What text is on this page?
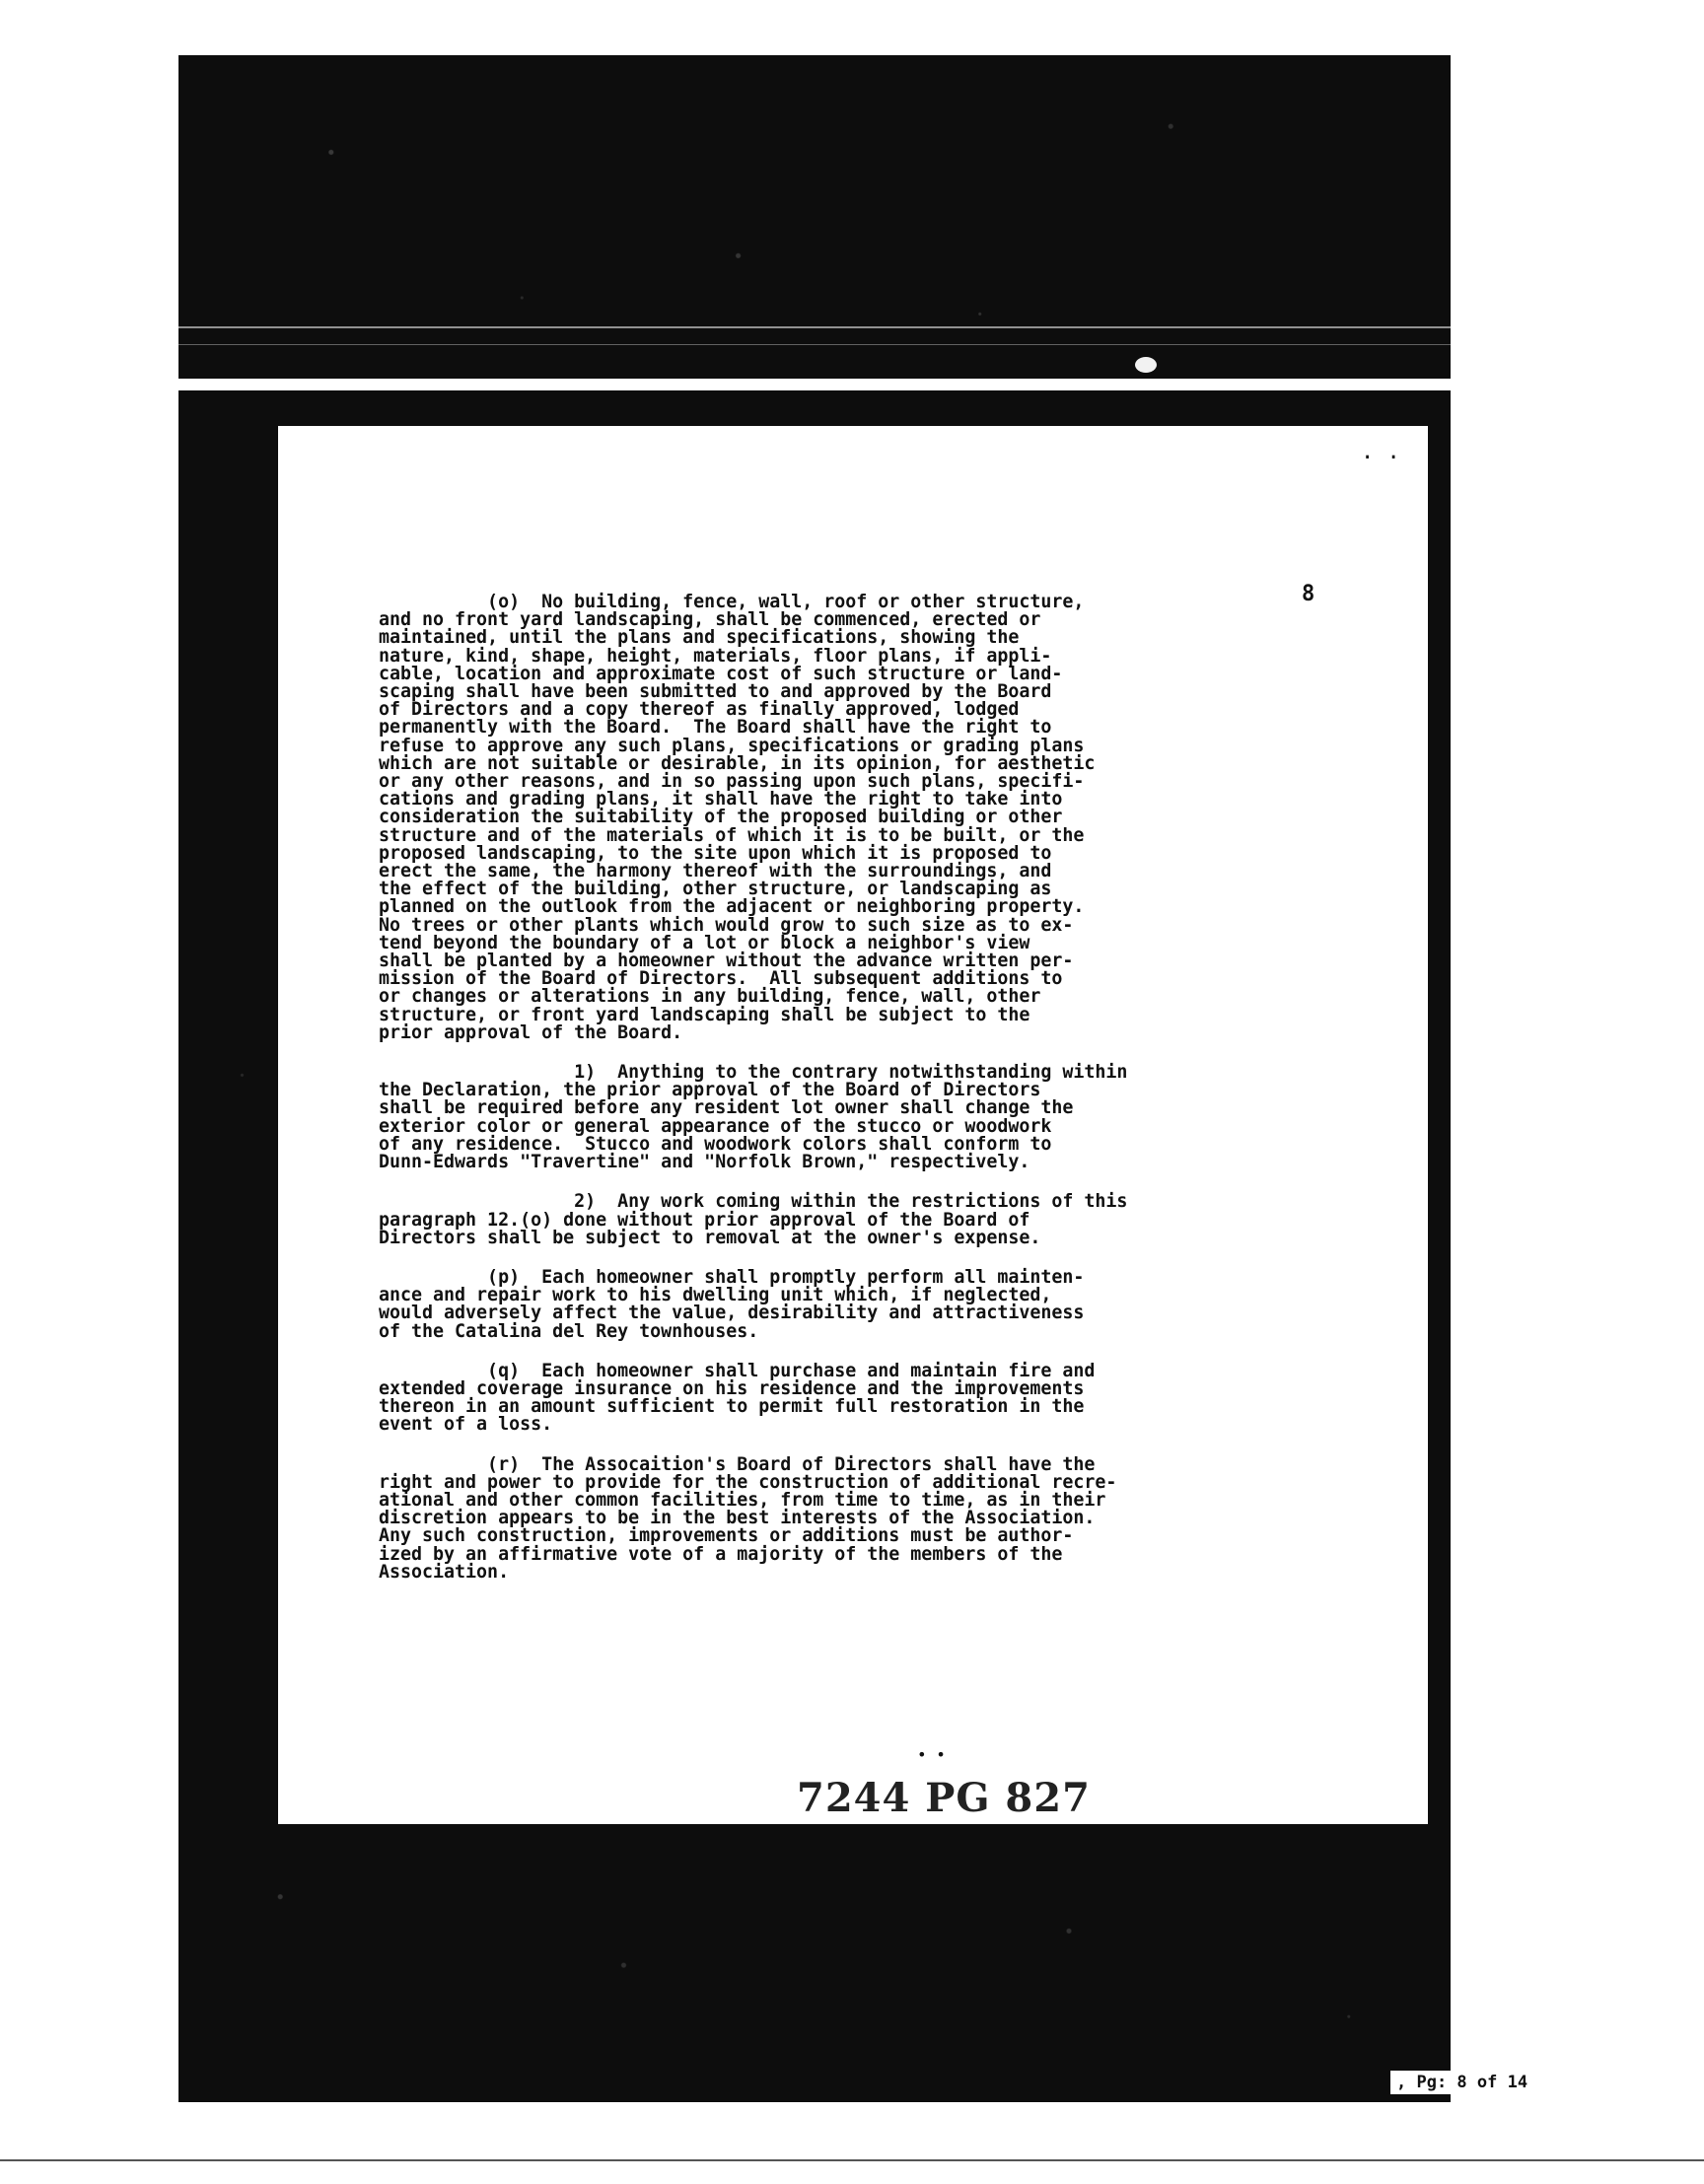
. .
8

(o)  No building, fence, wall, roof or other structure,
and no front yard landscaping, shall be commenced, erected or
maintained, until the plans and specifications, showing the
nature, kind, shape, height, materials, floor plans, if appli-
cable, location and approximate cost of such structure or land-
scaping shall have been submitted to and approved by the Board
of Directors and a copy thereof as finally approved, lodged
permanently with the Board.  The Board shall have the right to
refuse to approve any such plans, specifications or grading plans
which are not suitable or desirable, in its opinion, for aesthetic
or any other reasons, and in so passing upon such plans, specifi-
cations and grading plans, it shall have the right to take into
consideration the suitability of the proposed building or other
structure and of the materials of which it is to be built, or the
proposed landscaping, to the site upon which it is proposed to
erect the same, the harmony thereof with the surroundings, and
the effect of the building, other structure, or landscaping as
planned on the outlook from the adjacent or neighboring property.
No trees or other plants which would grow to such size as to ex-
tend beyond the boundary of a lot or block a neighbor's view
shall be planted by a homeowner without the advance written per-
mission of the Board of Directors.  All subsequent additions to
or changes or alterations in any building, fence, wall, other
structure, or front yard landscaping shall be subject to the
prior approval of the Board.

1)  Anything to the contrary notwithstanding within
the Declaration, the prior approval of the Board of Directors
shall be required before any resident lot owner shall change the
exterior color or general appearance of the stucco or woodwork
of any residence.  Stucco and woodwork colors shall conform to
Dunn-Edwards "Travertine" and "Norfolk Brown," respectively.

2)  Any work coming within the restrictions of this
paragraph 12.(o) done without prior approval of the Board of
Directors shall be subject to removal at the owner's expense.

(p)  Each homeowner shall promptly perform all mainten-
ance and repair work to his dwelling unit which, if neglected,
would adversely affect the value, desirability and attractiveness
of the Catalina del Rey townhouses.

(q)  Each homeowner shall purchase and maintain fire and
extended coverage insurance on his residence and the improvements
thereon in an amount sufficient to permit full restoration in the
event of a loss.

(r)  The Assocaition's Board of Directors shall have the
right and power to provide for the construction of additional recre-
ational and other common facilities, from time to time, as in their
discretion appears to be in the best interests of the Association.
Any such construction, improvements or additions must be author-
ized by an affirmative vote of a majority of the members of the
Association.

• •
7244 PG 827
, Pg: 8 of 14
